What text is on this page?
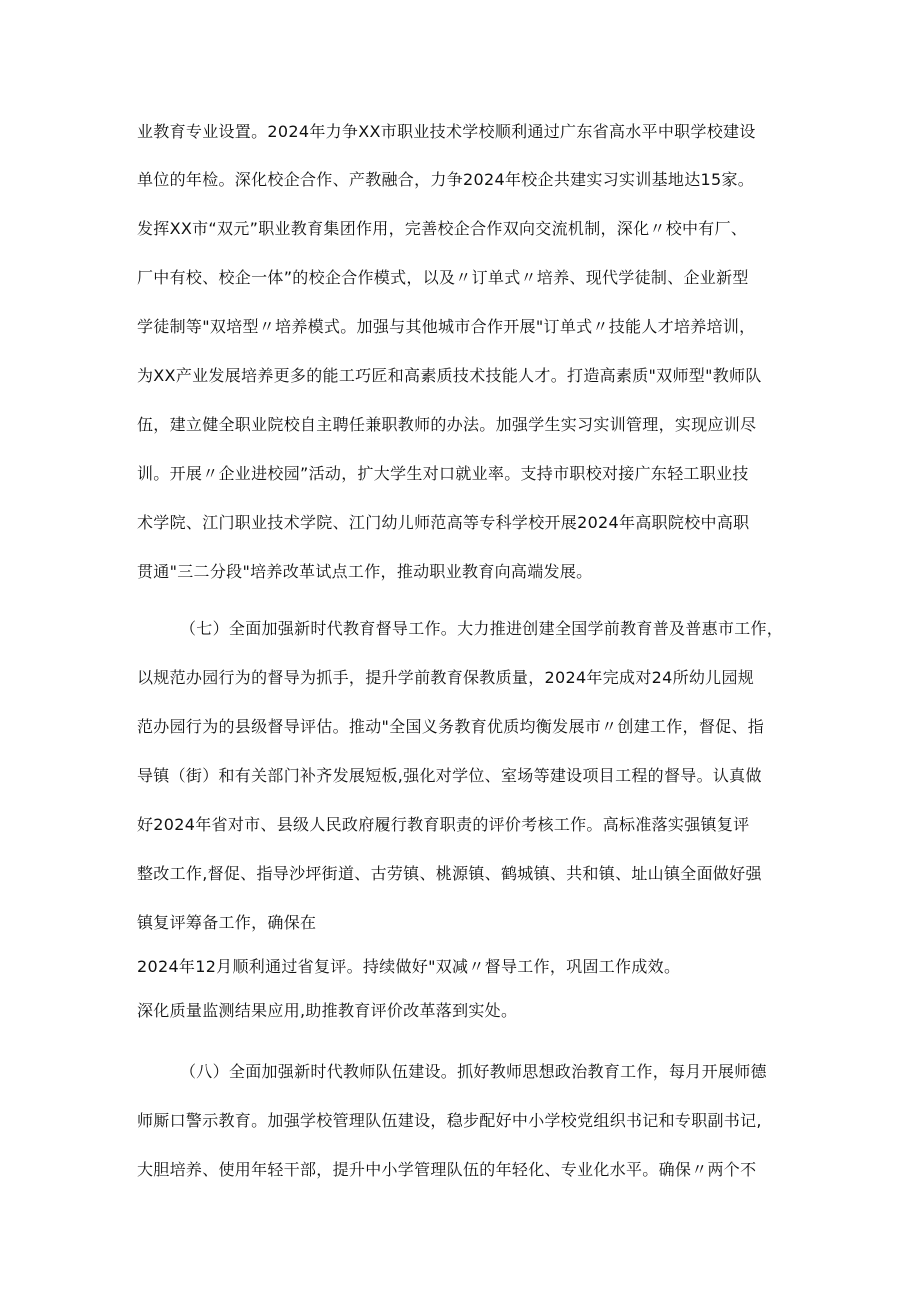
业教育专业设置。2024年力争XX市职业技术学校顺利通过广东省高水平中职学校建设
单位的年检。深化校企合作、产教融合，力争2024年校企共建实习实训基地达15家。
发挥XX市“双元”职业教育集团作用，完善校企合作双向交流机制，深化〃校中有厂、
厂中有校、校企一体”的校企合作模式，以及〃订单式〃培养、现代学徒制、企业新型
学徒制等"双培型〃培养模式。加强与其他城市合作开展"订单式〃技能人才培养培训，
为XX产业发展培养更多的能工巧匠和高素质技术技能人才。打造高素质"双师型"教师队
伍，建立健全职业院校自主聘任兼职教师的办法。加强学生实习实训管理，实现应训尽
训。开展〃企业进校园”活动，扩大学生对口就业率。支持市职校对接广东轻工职业技
术学院、江门职业技术学院、江门幼儿师范高等专科学校开展2024年高职院校中高职
贯通"三二分段"培养改革试点工作，推动职业教育向高端发展。
（七）全面加强新时代教育督导工作。大力推进创建全国学前教育普及普惠市工作，
以规范办园行为的督导为抓手，提升学前教育保教质量，2024年完成对24所幼儿园规
范办园行为的县级督导评估。推动"全国义务教育优质均衡发展市〃创建工作，督促、指
导镇（街）和有关部门补齐发展短板,强化对学位、室场等建设项目工程的督导。认真做
好2024年省对市、县级人民政府履行教育职责的评价考核工作。高标准落实强镇复评
整改工作,督促、指导沙坪街道、古劳镇、桃源镇、鹤城镇、共和镇、址山镇全面做好强
镇复评筹备工作，确保在
2024年12月顺利通过省复评。持续做好"双减〃督导工作，巩固工作成效。
深化质量监测结果应用,助推教育评价改革落到实处。
（八）全面加强新时代教师队伍建设。抓好教师思想政治教育工作，每月开展师德
师厮口警示教育。加强学校管理队伍建设，稳步配好中小学校党组织书记和专职副书记,
大胆培养、使用年轻干部，提升中小学管理队伍的年轻化、专业化水平。确保〃两个不
